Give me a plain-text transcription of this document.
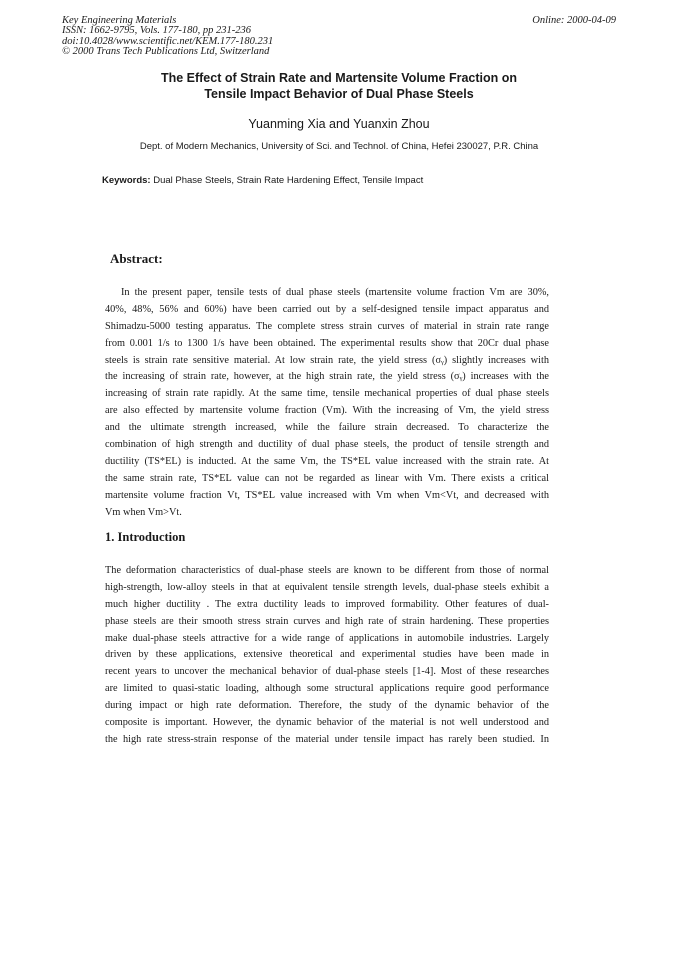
Key Engineering Materials
ISSN: 1662-9795, Vols. 177-180, pp 231-236
doi:10.4028/www.scientific.net/KEM.177-180.231
© 2000 Trans Tech Publications Ltd, Switzerland
Online: 2000-04-09
The Effect of Strain Rate and Martensite Volume Fraction on
Tensile Impact Behavior of Dual Phase Steels
Yuanming Xia and Yuanxin Zhou
Dept. of Modern Mechanics, University of Sci. and Technol. of China, Hefei 230027, P.R. China
Keywords: Dual Phase Steels, Strain Rate Hardening Effect, Tensile Impact
Abstract:
In the present paper, tensile tests of dual phase steels (martensite volume fraction Vm are 30%,
40%, 48%, 56% and 60%) have been carried out by a self-designed tensile impact apparatus and
Shimadzu-5000 testing apparatus. The complete stress strain curves of material in strain rate range
from 0.001 1/s to 1300 1/s have been obtained. The experimental results show that 20Cr dual phase
steels is strain rate sensitive material. At low strain rate, the yield stress (σᵧ) slightly increases with
the increasing of strain rate, however, at the high strain rate, the yield stress (σᵧ) increases with the
increasing of strain rate rapidly. At the same time, tensile mechanical properties of dual phase steels
are also effected by martensite volume fraction (Vm). With the increasing of Vm, the yield stress
and the ultimate strength increased, while the failure strain decreased. To characterize the
combination of high strength and ductility of dual phase steels, the product of tensile strength and
ductility (TS*EL) is inducted. At the same Vm, the TS*EL value increased with the strain rate. At
the same strain rate, TS*EL value can not be regarded as linear with Vm. There exists a critical
martensite volume fraction Vt, TS*EL value increased with Vm when Vm<Vt, and decreased with
Vm when Vm>Vt.
1. Introduction
The deformation characteristics of dual-phase steels are known to be different from those of normal
high-strength, low-alloy steels in that at equivalent tensile strength levels, dual-phase steels exhibit a
much higher ductility . The extra ductility leads to improved formability. Other features of dual-
phase steels are their smooth stress strain curves and high rate of strain hardening. These properties
make dual-phase steels attractive for a wide range of applications in automobile industries. Largely
driven by these applications, extensive theoretical and experimental studies have been made in
recent years to uncover the mechanical behavior of dual-phase steels [1-4]. Most of these researches
are limited to quasi-static loading, although some structural applications require good performance
during impact or high rate deformation. Therefore, the study of the dynamic behavior of the
composite is important. However, the dynamic behavior of the material is not well understood and
the high rate stress-strain response of the material under tensile impact has rarely been studied. In
